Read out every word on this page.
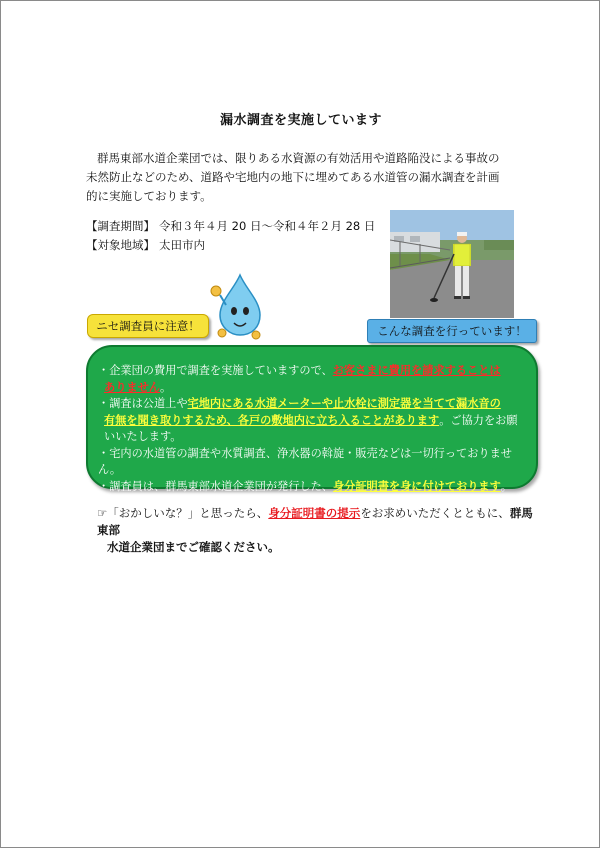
漏水調査を実施しています
群馬東部水道企業団では、限りある水資源の有効活用や道路陥没による事故の
未然防止などのため、道路や宅地内の地下に埋めてある水道管の漏水調査を計画
的に実施しております。
【調査期間】 令和３年４月 20 日～令和４年２月 28 日
【対象地域】 太田市内
ニセ調査員に注意！	こんな調査を行っています！
・企業団の費用で調査を実施していますので、お客さまに費用を請求することは
ありません。
・調査は公道上や宅地内にある水道メーターや止水栓に測定器を当てて漏水音の
有無を聞き取りするため、各戸の敷地内に立ち入ることがあります。ご協力をお願
いいたします。
・宅内の水道管の調査や水質調査、浄水器の斡旋・販売などは一切行っておりません。
・調査員は、群馬東部水道企業団が発行した、身分証明書を身に付けております。
☞「おかしいな？」と思ったら、身分証明書の提示をお求めいただくとともに、群馬東部
水道企業団までご確認ください。
